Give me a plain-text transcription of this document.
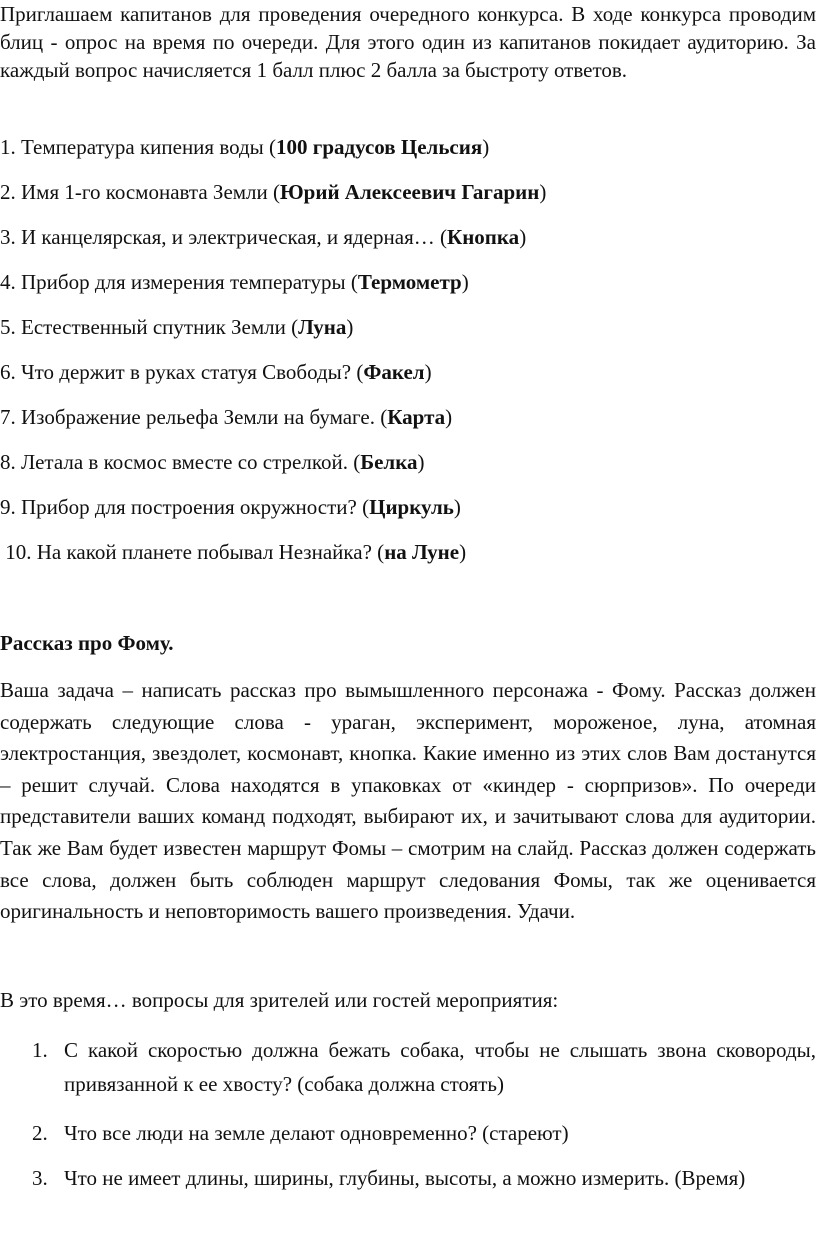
Приглашаем капитанов для проведения очередного конкурса. В ходе конкурса проводим блиц - опрос на время по очереди. Для этого один из капитанов покидает аудиторию. За каждый вопрос начисляется 1 балл плюс 2 балла за быстроту ответов.

1. Температура кипения воды (100 градусов Цельсия)

2. Имя 1-го космонавта Земли (Юрий Алексеевич Гагарин)

3. И канцелярская, и электрическая, и ядерная… (Кнопка)

4. Прибор для измерения температуры (Термометр)

5. Естественный спутник Земли (Луна)

6. Что держит в руках статуя Свободы? (Факел)

7. Изображение рельефа Земли на бумаге. (Карта)

8. Летала в космос вместе со стрелкой. (Белка)

9. Прибор для построения окружности? (Циркуль)

10. На какой планете побывал Незнайка? (на Луне)

Рассказ про Фому.

Ваша задача – написать рассказ про вымышленного персонажа - Фому. Рассказ должен содержать следующие слова - ураган, эксперимент, мороженое, луна, атомная электростанция, звездолет, космонавт, кнопка. Какие именно из этих слов Вам достанутся – решит случай. Слова находятся в упаковках от «киндер - сюрпризов». По очереди представители ваших команд подходят, выбирают их, и зачитывают слова для аудитории. Так же Вам будет известен маршрут Фомы – смотрим на слайд. Рассказ должен содержать все слова, должен быть соблюден маршрут следования Фомы, так же оценивается оригинальность и неповторимость вашего произведения. Удачи.

В это время… вопросы для зрителей или гостей мероприятия:

1. С какой скоростью должна бежать собака, чтобы не слышать звона сковороды, привязанной к ее хвосту? (собака должна стоять)
2. Что все люди на земле делают одновременно? (стареют)
3. Что не имеет длины, ширины, глубины, высоты, а можно измерить. (Время)
